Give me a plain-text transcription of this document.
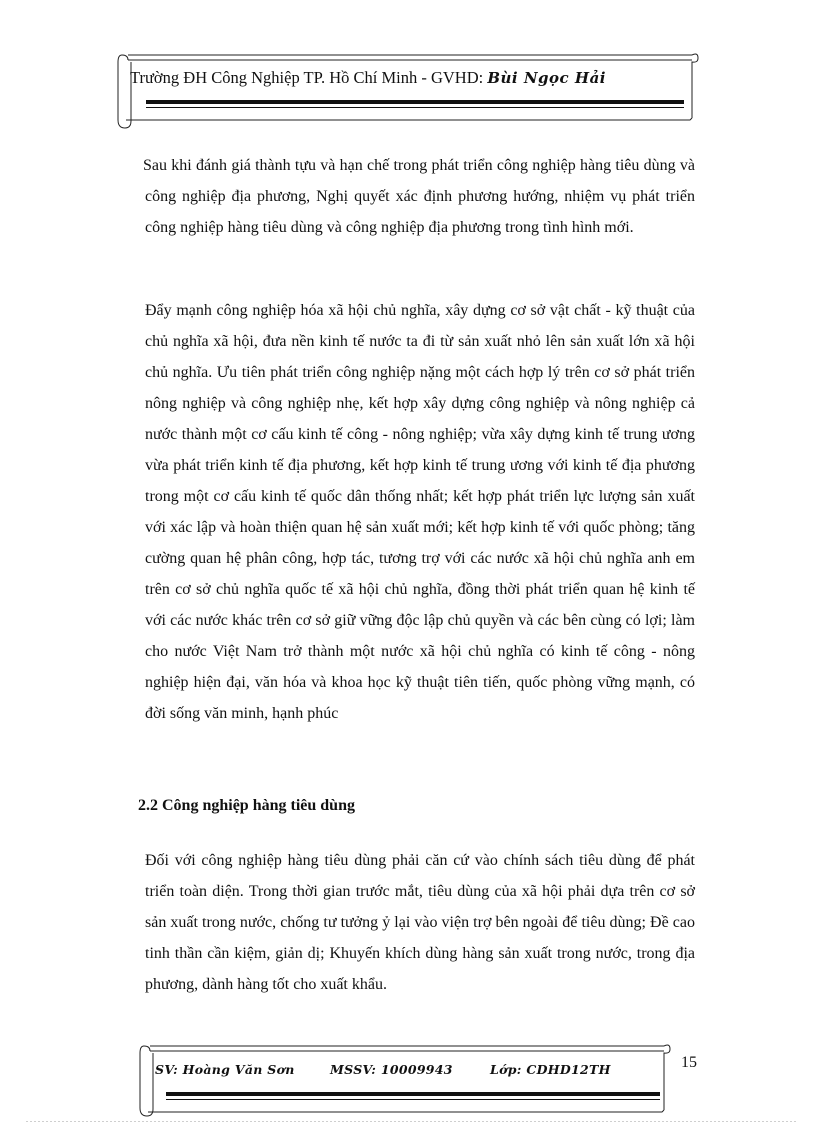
Trường ĐH Công Nghiệp TP. Hồ Chí Minh - GVHD: Bùi Ngọc Hải

Sau khi đánh giá thành tựu và hạn chế trong phát triển công nghiệp hàng tiêu dùng và công nghiệp địa phương, Nghị quyết xác định phương hướng, nhiệm vụ phát triển công nghiệp hàng tiêu dùng và công nghiệp địa phương trong tình hình mới.

Đẩy mạnh công nghiệp hóa xã hội chủ nghĩa, xây dựng cơ sở vật chất - kỹ thuật của chủ nghĩa xã hội, đưa nền kinh tế nước ta đi từ sản xuất nhỏ lên sản xuất lớn xã hội chủ nghĩa. Ưu tiên phát triển công nghiệp nặng một cách hợp lý trên cơ sở phát triển nông nghiệp và công nghiệp nhẹ, kết hợp xây dựng công nghiệp và nông nghiệp cả nước thành một cơ cấu kinh tế công - nông nghiệp; vừa xây dựng kinh tế trung ương vừa phát triển kinh tế địa phương, kết hợp kinh tế trung ương với kinh tế địa phương trong một cơ cấu kinh tế quốc dân thống nhất; kết hợp phát triển lực lượng sản xuất với xác lập và hoàn thiện quan hệ sản xuất mới; kết hợp kinh tế với quốc phòng; tăng cường quan hệ phân công, hợp tác, tương trợ với các nước xã hội chủ nghĩa anh em trên cơ sở chủ nghĩa quốc tế xã hội chủ nghĩa, đồng thời phát triển quan hệ kinh tế với các nước khác trên cơ sở giữ vững độc lập chủ quyền và các bên cùng có lợi; làm cho nước Việt Nam trở thành một nước xã hội chủ nghĩa có kinh tế công - nông nghiệp hiện đại, văn hóa và khoa học kỹ thuật tiên tiến, quốc phòng vững mạnh, có đời sống văn minh, hạnh phúc

2.2 Công nghiệp hàng tiêu dùng

Đối với công nghiệp hàng tiêu dùng phải căn cứ vào chính sách tiêu dùng để phát triển toàn diện. Trong thời gian trước mắt, tiêu dùng của xã hội phải dựa trên cơ sở sản xuất trong nước, chống tư tưởng ỷ lại vào viện trợ bên ngoài để tiêu dùng; Đề cao tinh thần cần kiệm, giản dị; Khuyến khích dùng hàng sản xuất trong nước, trong địa phương, dành hàng tốt cho xuất khẩu.

SV: Hoàng Văn Sơn	MSSV: 10009943	Lớp: CDHD12TH	15
